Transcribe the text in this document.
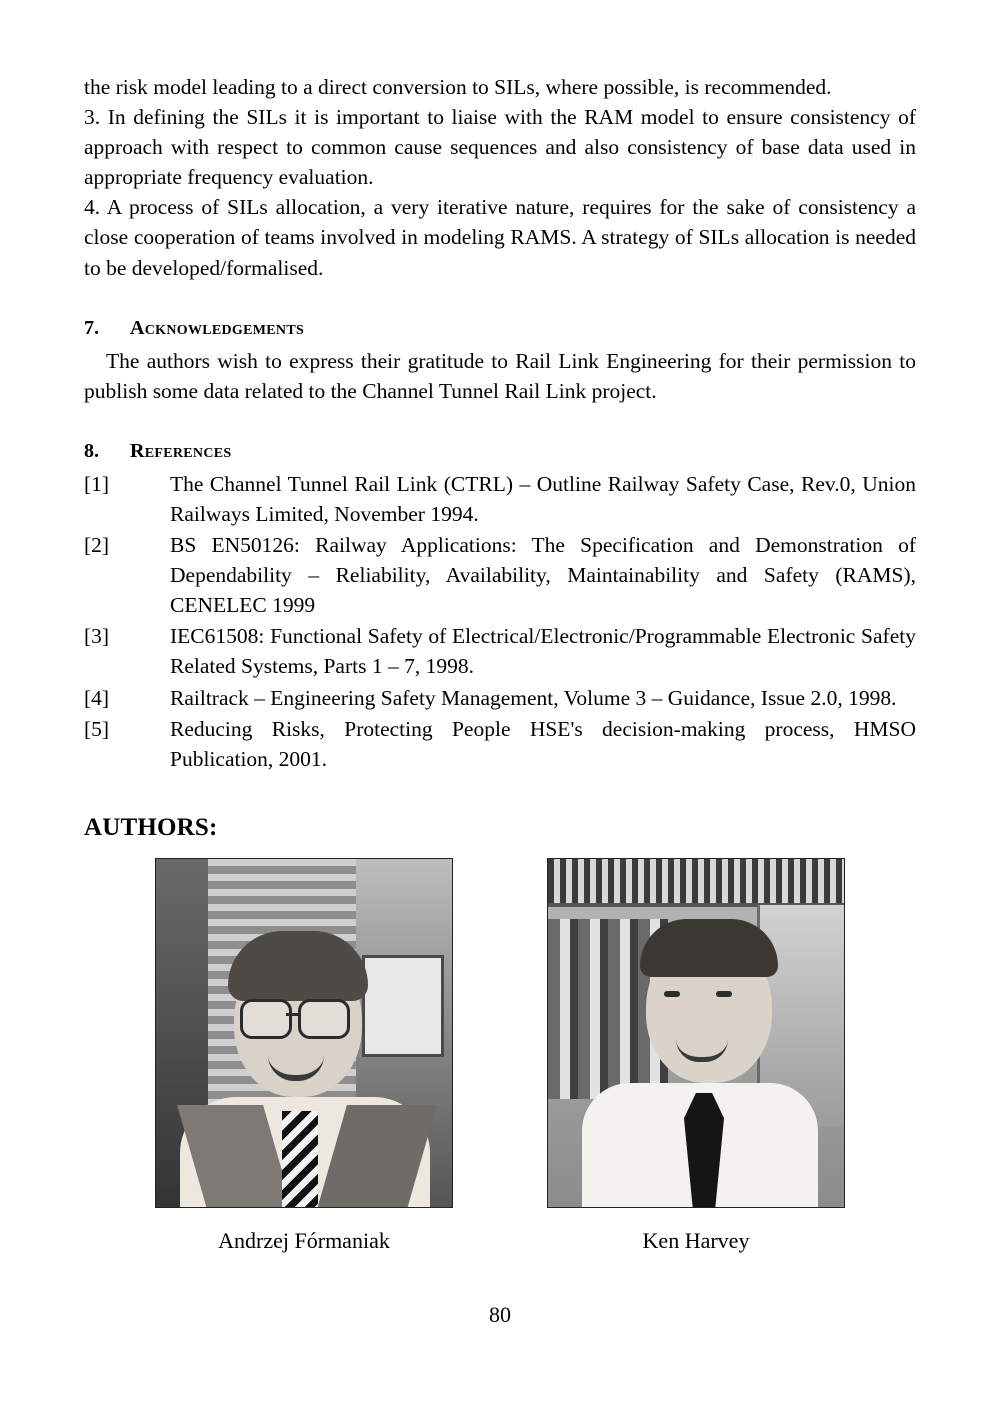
the risk model leading to a direct conversion to SILs, where possible, is recommended.

3. In defining the SILs it is important to liaise with the RAM model to ensure consistency of approach with respect to common cause sequences and also consistency of base data used in appropriate frequency evaluation.

4. A process of SILs allocation, a very iterative nature, requires for the sake of consistency a close cooperation of teams involved in modeling RAMS. A strategy of SILs allocation is needed to be developed/formalised.

7.	Acknowledgements

The authors wish to express their gratitude to Rail Link Engineering for their permission to publish some data related to the Channel Tunnel Rail Link project.

8.	References
[1]	The Channel Tunnel Rail Link (CTRL) – Outline Railway Safety Case, Rev.0, Union Railways Limited, November 1994.
[2]	BS EN50126: Railway Applications: The Specification and Demonstration of Dependability – Reliability, Availability, Maintainability and Safety (RAMS), CENELEC 1999
[3]	IEC61508: Functional Safety of Electrical/Electronic/Programmable Electronic Safety Related Systems, Parts 1 – 7, 1998.
[4]	Railtrack – Engineering Safety Management, Volume 3 – Guidance, Issue 2.0, 1998.
[5]	Reducing Risks, Protecting People HSE's decision-making process, HMSO Publication, 2001.
AUTHORS:
Andrzej Fórmaniak	Ken Harvey
80
